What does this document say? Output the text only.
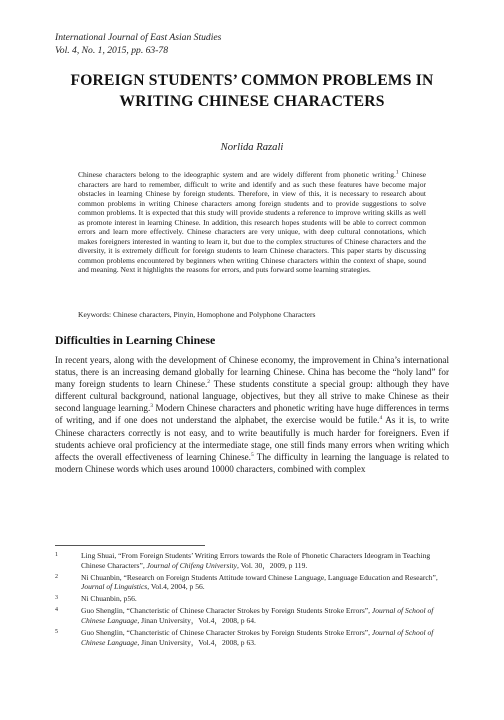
International Journal of East Asian Studies
Vol. 4, No. 1, 2015, pp. 63-78
FOREIGN STUDENTS’ COMMON PROBLEMS IN WRITING CHINESE CHARACTERS
Norlida Razali

Chinese characters belong to the ideographic system and are widely different from phonetic writing.$^1$ Chinese characters are hard to remember, difficult to write and identify and as such these features have become major obstacles in learning Chinese by foreign students. Therefore, in view of this, it is necessary to research about common problems in writing Chinese characters among foreign students and to provide suggestions to solve common problems. It is expected that this study will provide students a reference to improve writing skills as well as promote interest in learning Chinese. In addition, this research hopes students will be able to correct common errors and learn more effectively. Chinese characters are very unique, with deep cultural connotations, which makes foreigners interested in wanting to learn it, but due to the complex structures of Chinese characters and the diversity, it is extremely difficult for foreign students to learn Chinese characters. This paper starts by discussing common problems encountered by beginners when writing Chinese characters within the context of shape, sound and meaning. Next it highlights the reasons for errors, and puts forward some learning strategies.

Keywords: Chinese characters, Pinyin, Homophone and Polyphone Characters

Difficulties in Learning Chinese

In recent years, along with the development of Chinese economy, the improvement in China’s international status, there is an increasing demand globally for learning Chinese. China has become the “holy land” for many foreign students to learn Chinese.$^2$ These students constitute a special group: although they have different cultural background, national language, objectives, but they all strive to make Chinese as their second language learning.$^3$ Modern Chinese characters and phonetic writing have huge differences in terms of writing, and if one does not understand the alphabet, the exercise would be futile.$^4$ As it is, to write Chinese characters correctly is not easy, and to write beautifully is much harder for foreigners. Even if students achieve oral proficiency at the intermediate stage, one still finds many errors when writing which affects the overall effectiveness of learning Chinese.$^5$ The difficulty in learning the language is related to modern Chinese words which uses around 10000 characters, combined with complex

1	Ling Shuai, “From Foreign Students’ Writing Errors towards the Role of Phonetic Characters Ideogram in Teaching Chinese Characters”, Journal of Chifeng University, Vol. 30，2009, p 119.
2	Ni Chuanbin, “Research on Foreign Students Attitude toward Chinese Language, Language Education and Research”, Journal of Linguistics, Vol.4, 2004, p 56.
3	Ni Chuanbin, p56.
4	Guo Shenglin, “Chancteristic of Chinese Character Strokes by Foreign Students Stroke Errors”, Journal of School of Chinese Language, Jinan University，Vol.4，2008, p 64.
5	Guo Shenglin, “Chancteristic of Chinese Character Strokes by Foreign Students Stroke Errors”, Journal of School of Chinese Language, Jinan University，Vol.4，2008, p 63.
